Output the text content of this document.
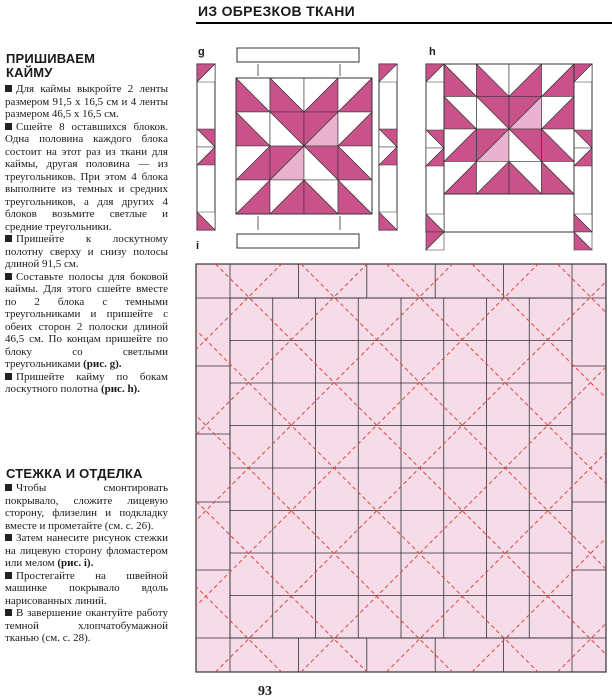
ИЗ ОБРЕЗКОВ ТКАНИ
ПРИШИВАЕМ
КАЙМУ

Для каймы выкройте 2 ленты размером 91,5 х 16,5 см и 4 ленты размером 46,5 х 16,5 см.

Сшейте 8 оставшихся блоков. Одна половина каждого блока состоит на этот раз из ткани для каймы, другая половина — из треугольников. При этом 4 блока выполните из темных и средних треугольников, а для других 4 блоков возьмите светлые и средние треугольники.

Пришейте к лоскутному полотну сверху и снизу полосы длиной 91,5 см.

Составьте полосы для боковой каймы. Для этого сшейте вместе по 2 блока с темными треугольниками и пришейте с обеих сторон 2 полоски длиной 46,5 см. По концам пришейте по блоку со светлыми треугольниками (рис. g).

Пришейте кайму по бокам лоскутного полотна (рис. h).

СТЕЖКА И ОТДЕЛКА

Чтобы смонтировать покрывало, сложите лицевую сторону, флизелин и подкладку вместе и прометайте (см. с. 26).

Затем нанесите рисунок стежки на лицевую сторону фломастером или мелом (рис. i).

Простегайте на швейной машинке покрывало вдоль нарисованных линий.

В завершение окантуйте работу темной хлопчатобумажной тканью (см. с. 28).

g	h
i
93
